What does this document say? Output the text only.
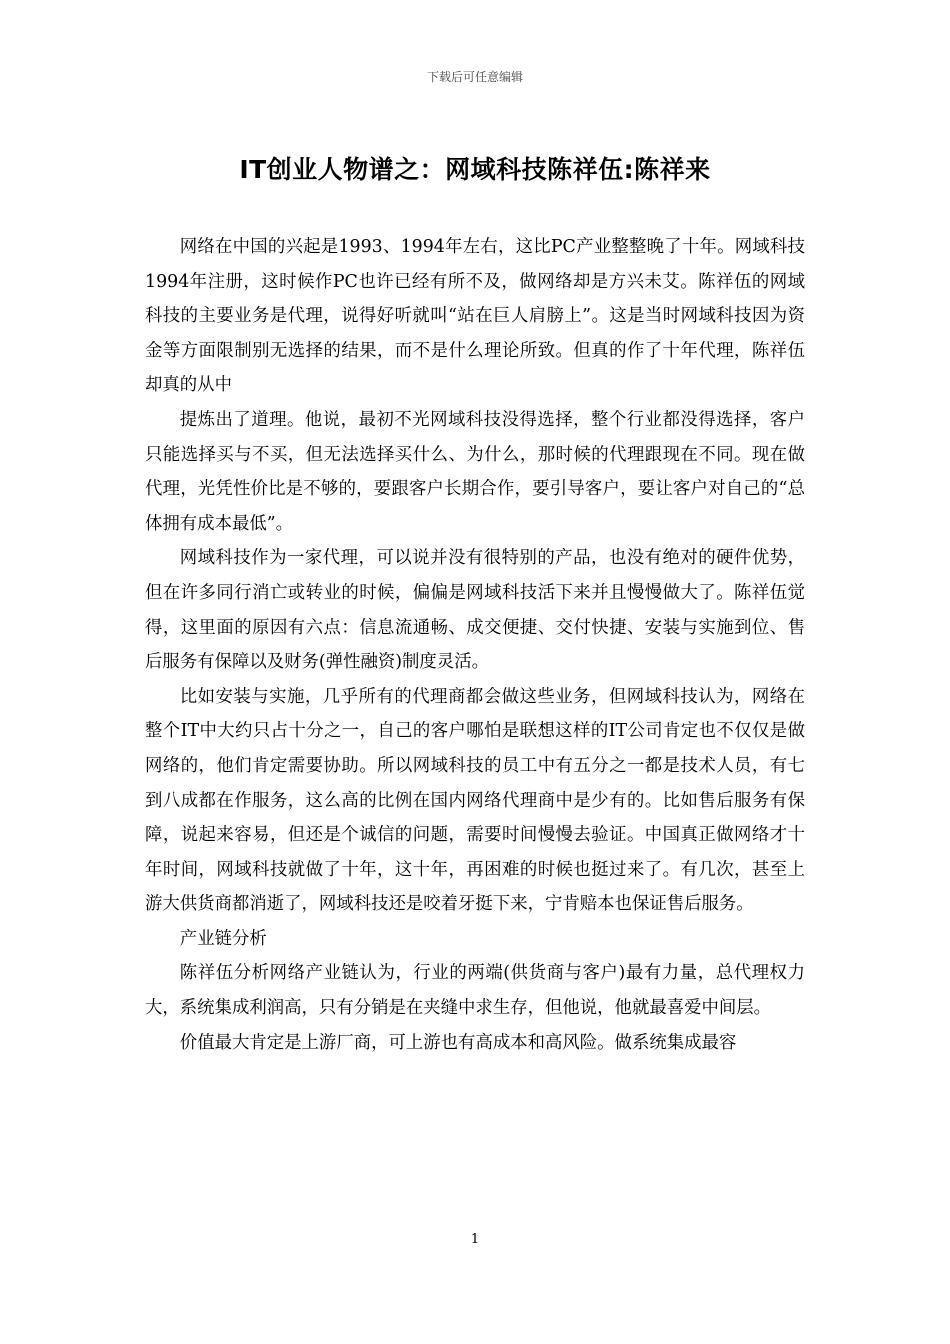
下载后可任意编辑
IT创业人物谱之：网域科技陈祥伍:陈祥来

网络在中国的兴起是1993、1994年左右，这比PC产业整整晚了十年。网域科技1994年注册，这时候作PC也许已经有所不及，做网络却是方兴未艾。陈祥伍的网域科技的主要业务是代理，说得好听就叫“站在巨人肩膀上”。这是当时网域科技因为资金等方面限制别无选择的结果，而不是什么理论所致。但真的作了十年代理，陈祥伍却真的从中

提炼出了道理。他说，最初不光网域科技没得选择，整个行业都没得选择，客户只能选择买与不买，但无法选择买什么、为什么，那时候的代理跟现在不同。现在做代理，光凭性价比是不够的，要跟客户长期合作，要引导客户，要让客户对自己的“总体拥有成本最低”。

网域科技作为一家代理，可以说并没有很特别的产品，也没有绝对的硬件优势，但在许多同行消亡或转业的时候，偏偏是网域科技活下来并且慢慢做大了。陈祥伍觉得，这里面的原因有六点：信息流通畅、成交便捷、交付快捷、安装与实施到位、售后服务有保障以及财务(弹性融资)制度灵活。

比如安装与实施，几乎所有的代理商都会做这些业务，但网域科技认为，网络在整个IT中大约只占十分之一，自己的客户哪怕是联想这样的IT公司肯定也不仅仅是做网络的，他们肯定需要协助。所以网域科技的员工中有五分之一都是技术人员，有七到八成都在作服务，这么高的比例在国内网络代理商中是少有的。比如售后服务有保障，说起来容易，但还是个诚信的问题，需要时间慢慢去验证。中国真正做网络才十年时间，网域科技就做了十年，这十年，再困难的时候也挺过来了。有几次，甚至上游大供货商都消逝了，网域科技还是咬着牙挺下来，宁肯赔本也保证售后服务。

产业链分析

陈祥伍分析网络产业链认为，行业的两端(供货商与客户)最有力量，总代理权力大，系统集成利润高，只有分销是在夹缝中求生存，但他说，他就最喜爱中间层。

价值最大肯定是上游厂商，可上游也有高成本和高风险。做系统集成最容

1
